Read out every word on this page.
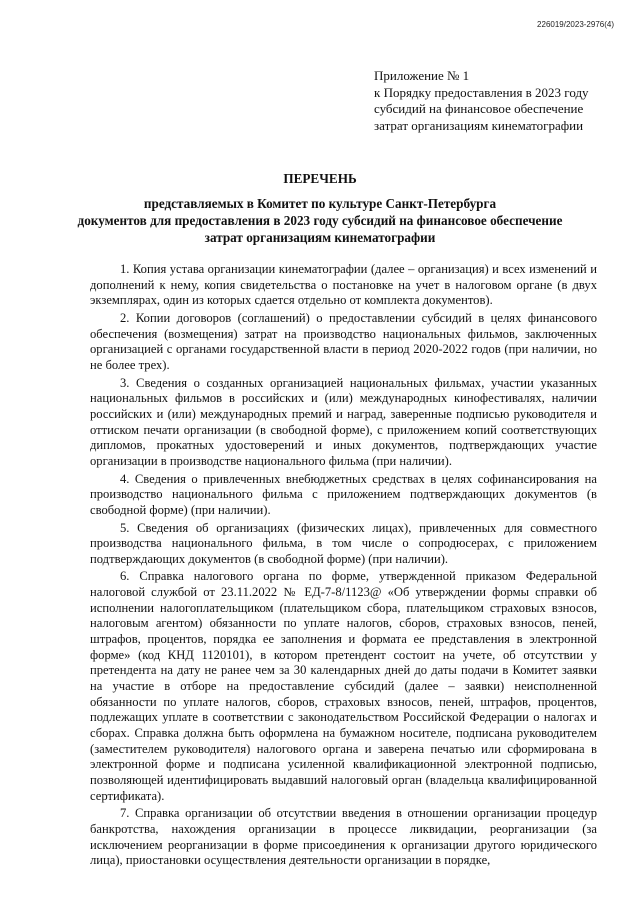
226019/2023-2976(4)
Приложение № 1
к Порядку предоставления в 2023 году
субсидий на финансовое обеспечение
затрат организациям кинематографии
ПЕРЕЧЕНЬ
представляемых в Комитет по культуре Санкт-Петербурга
документов для предоставления в 2023 году субсидий на финансовое обеспечение
затрат организациям кинематографии

1. Копия устава организации кинематографии (далее – организация) и всех изменений и дополнений к нему, копия свидетельства о постановке на учет в налоговом органе (в двух экземплярах, один из которых сдается отдельно от комплекта документов).

2. Копии договоров (соглашений) о предоставлении субсидий в целях финансового обеспечения (возмещения) затрат на производство национальных фильмов, заключенных организацией с органами государственной власти в период 2020-2022 годов (при наличии, но не более трех).

3. Сведения о созданных организацией национальных фильмах, участии указанных национальных фильмов в российских и (или) международных кинофестивалях, наличии российских и (или) международных премий и наград, заверенные подписью руководителя и оттиском печати организации (в свободной форме), с приложением копий соответствующих дипломов, прокатных удостоверений и иных документов, подтверждающих участие организации в производстве национального фильма (при наличии).

4. Сведения о привлеченных внебюджетных средствах в целях софинансирования на производство национального фильма с приложением подтверждающих документов (в свободной форме) (при наличии).

5. Сведения об организациях (физических лицах), привлеченных для совместного производства национального фильма, в том числе о сопродюсерах, с приложением подтверждающих документов (в свободной форме) (при наличии).

6. Справка налогового органа по форме, утвержденной приказом Федеральной налоговой службой от 23.11.2022 № ЕД-7-8/1123@ «Об утверждении формы справки об исполнении налогоплательщиком (плательщиком сбора, плательщиком страховых взносов, налоговым агентом) обязанности по уплате налогов, сборов, страховых взносов, пеней, штрафов, процентов, порядка ее заполнения и формата ее представления в электронной форме» (код КНД 1120101), в котором претендент состоит на учете, об отсутствии у претендента на дату не ранее чем за 30 календарных дней до даты подачи в Комитет заявки на участие в отборе на предоставление субсидий (далее – заявки) неисполненной обязанности по уплате налогов, сборов, страховых взносов, пеней, штрафов, процентов, подлежащих уплате в соответствии с законодательством Российской Федерации о налогах и сборах. Справка должна быть оформлена на бумажном носителе, подписана руководителем (заместителем руководителя) налогового органа и заверена печатью или сформирована в электронной форме и подписана усиленной квалификационной электронной подписью, позволяющей идентифицировать выдавший налоговый орган (владельца квалифицированной сертификата).

7. Справка организации об отсутствии введения в отношении организации процедур банкротства, нахождения организации в процессе ликвидации, реорганизации (за исключением реорганизации в форме присоединения к организации другого юридического лица), приостановки осуществления деятельности организации в порядке,
